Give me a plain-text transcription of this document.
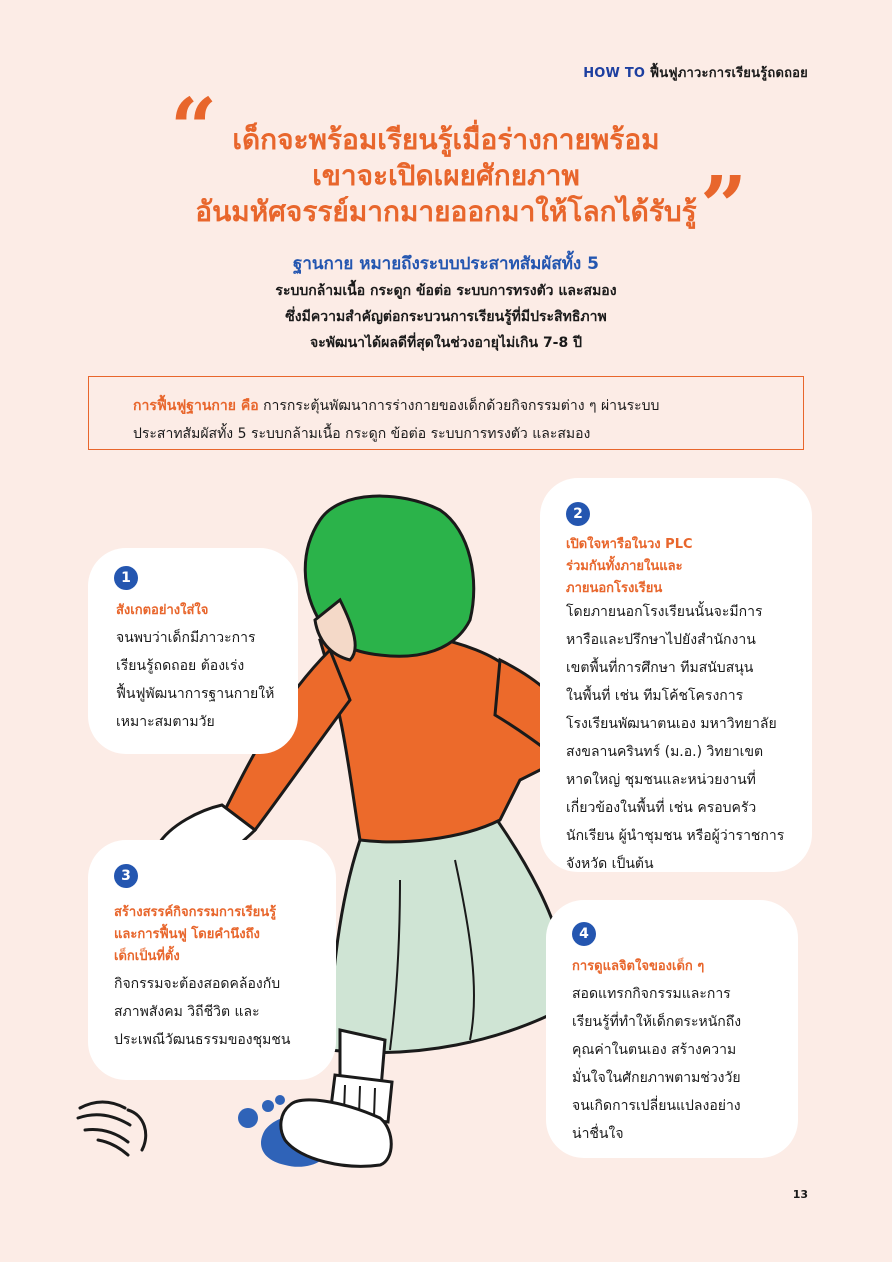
HOW TO ฟื้นฟูภาวะการเรียนรู้ถดถอย
“
”
เด็กจะพร้อมเรียนรู้เมื่อร่างกายพร้อม
เขาจะเปิดเผยศักยภาพ
อันมหัศจรรย์มากมายออกมาให้โลกได้รับรู้
ฐานกาย หมายถึงระบบประสาทสัมผัสทั้ง 5
ระบบกล้ามเนื้อ กระดูก ข้อต่อ ระบบการทรงตัว และสมอง
ซึ่งมีความสำคัญต่อกระบวนการเรียนรู้ที่มีประสิทธิภาพ
จะพัฒนาได้ผลดีที่สุดในช่วงอายุไม่เกิน 7-8 ปี
การฟื้นฟูฐานกาย คือ การกระตุ้นพัฒนาการร่างกายของเด็กด้วยกิจกรรมต่าง ๆ ผ่านระบบ
ประสาทสัมผัสทั้ง 5 ระบบกล้ามเนื้อ กระดูก ข้อต่อ ระบบการทรงตัว และสมอง
1
สังเกตอย่างใส่ใจ
จนพบว่าเด็กมีภาวะการ
เรียนรู้ถดถอย ต้องเร่ง
ฟื้นฟูพัฒนาการฐานกายให้
เหมาะสมตามวัย
2
เปิดใจหารือในวง PLC
ร่วมกันทั้งภายในและ
ภายนอกโรงเรียน
โดยภายนอกโรงเรียนนั้นจะมีการ
หารือและปรึกษาไปยังสำนักงาน
เขตพื้นที่การศึกษา ทีมสนับสนุน
ในพื้นที่ เช่น ทีมโค้ชโครงการ
โรงเรียนพัฒนาตนเอง มหาวิทยาลัย
สงขลานครินทร์ (ม.อ.) วิทยาเขต
หาดใหญ่ ชุมชนและหน่วยงานที่
เกี่ยวข้องในพื้นที่ เช่น ครอบครัว
นักเรียน ผู้นำชุมชน หรือผู้ว่าราชการ
จังหวัด เป็นต้น
3
สร้างสรรค์กิจกรรมการเรียนรู้
และการฟื้นฟู โดยคำนึงถึง
เด็กเป็นที่ตั้ง
กิจกรรมจะต้องสอดคล้องกับ
สภาพสังคม วิถีชีวิต และ
ประเพณีวัฒนธรรมของชุมชน
4
การดูแลจิตใจของเด็ก ๆ
สอดแทรกกิจกรรมและการ
เรียนรู้ที่ทำให้เด็กตระหนักถึง
คุณค่าในตนเอง สร้างความ
มั่นใจในศักยภาพตามช่วงวัย
จนเกิดการเปลี่ยนแปลงอย่าง
น่าชื่นใจ
13
